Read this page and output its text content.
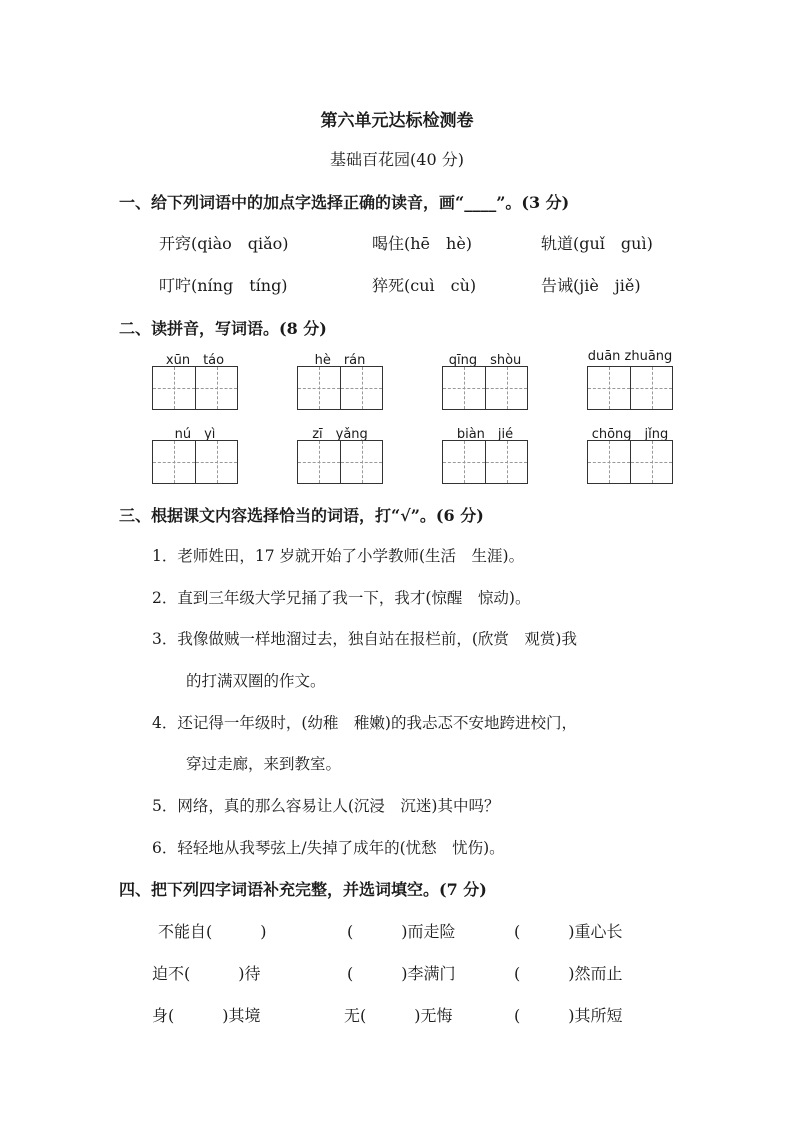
第六单元达标检测卷
基础百花园(40 分)
一、给下列词语中的加点字选择正确的读音，画“____”。(3 分)
开窍(qiào　qiǎo)	喝住(hē　hè)	轨道(guǐ　guì)
叮咛(níng　tíng)	猝死(cuì　cù)	告诫(jiè　jiě)
二、读拼音，写词语。(8 分)
xūn　táo	hè　rán	qīng　shòu	duān zhuāng
nú　yì	zī　yǎng	biàn　jié	chōng　jǐng
三、根据课文内容选择恰当的词语，打“√”。(6 分)
1．老师姓田，17 岁就开始了小学教师(生活　生涯)。
2．直到三年级大学兄捅了我一下，我才(惊醒　惊动)。
3．我像做贼一样地溜过去，独自站在报栏前，(欣赏　观赏)我
的打满双圈的作文。
4．还记得一年级时，(幼稚　稚嫩)的我忐忑不安地跨进校门，
穿过走廊，来到教室。
5．网络，真的那么容易让人(沉浸　沉迷)其中吗？
6．轻轻地从我琴弦上/失掉了成年的(忧愁　忧伤)。
四、把下列四字词语补充完整，并选词填空。(7 分)
不能自(　　　)	(　　　)而走险	(　　　)重心长
迫不(　　　)待	(　　　)李满门	(　　　)然而止
身(　　　)其境	无(　　　)无悔	(　　　)其所短
